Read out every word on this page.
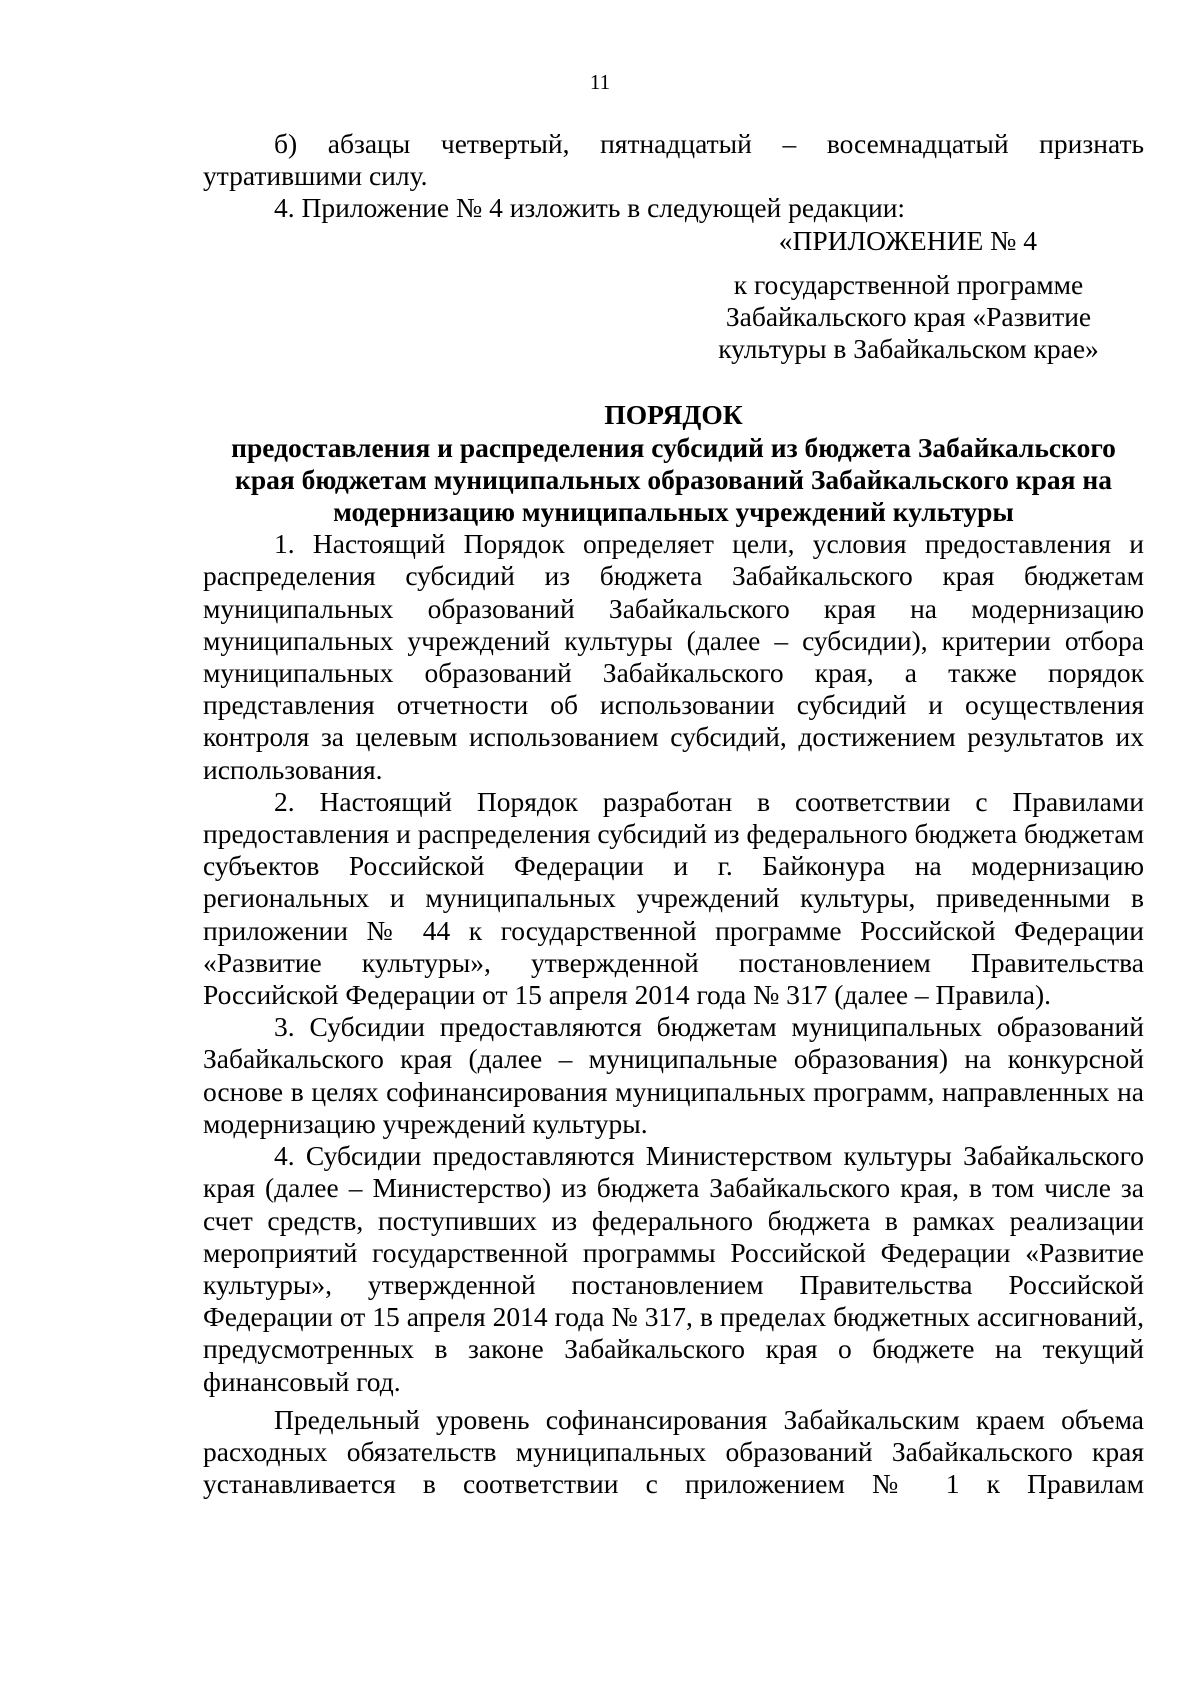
11

б) абзацы четвертый, пятнадцатый – восемнадцатый признать

утратившими силу.

4. Приложение № 4 изложить в следующей редакции:

«ПРИЛОЖЕНИЕ № 4
к государственной программе
Забайкальского края «Развитие
культуры в Забайкальском крае»
ПОРЯДОК
предоставления и распределения субсидий из бюджета Забайкальского
края бюджетам муниципальных образований Забайкальского края на
модернизацию муниципальных учреждений культуры

1. Настоящий Порядок определяет цели, условия предоставления и распределения субсидий из бюджета Забайкальского края бюджетам муниципальных образований Забайкальского края на модернизацию муниципальных учреждений культуры (далее – субсидии), критерии отбора муниципальных образований Забайкальского края, а также порядок представления отчетности об использовании субсидий и осуществления контроля за целевым использованием субсидий, достижением результатов их использования.

2. Настоящий Порядок разработан в соответствии с Правилами предоставления и распределения субсидий из федерального бюджета бюджетам субъектов Российской Федерации и г. Байконура на модернизацию региональных и муниципальных учреждений культуры, приведенными в приложении № 44 к государственной программе Российской Федерации «Развитие культуры», утвержденной постановлением Правительства Российской Федерации от 15 апреля 2014 года № 317 (далее – Правила).

3. Субсидии предоставляются бюджетам муниципальных образований Забайкальского края (далее – муниципальные образования) на конкурсной основе в целях софинансирования муниципальных программ, направленных на модернизацию учреждений культуры.

4. Субсидии предоставляются Министерством культуры Забайкальского края (далее – Министерство) из бюджета Забайкальского края, в том числе за счет средств, поступивших из федерального бюджета в рамках реализации мероприятий государственной программы Российской Федерации «Развитие культуры», утвержденной постановлением Правительства Российской Федерации от 15 апреля 2014 года № 317, в пределах бюджетных ассигнований, предусмотренных в законе Забайкальского края о бюджете на текущий финансовый год.

Предельный уровень софинансирования Забайкальским краем объема расходных обязательств муниципальных образований Забайкальского края устанавливается в соответствии с приложением № 1 к Правилам
